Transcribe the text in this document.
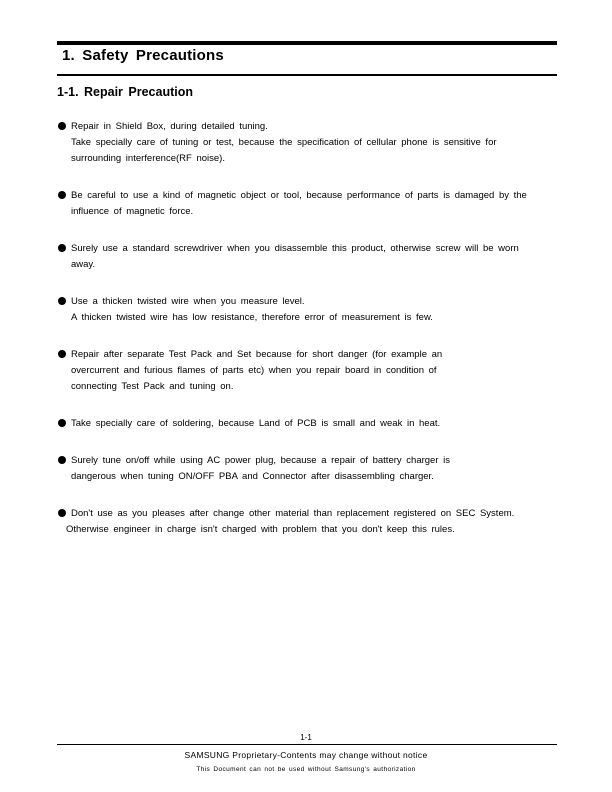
1. Safety Precautions
1-1. Repair Precaution
Repair in Shield Box, during detailed tuning.
Take specially care of tuning or test, because the specification of cellular phone is sensitive for
surrounding interference(RF noise).
Be careful to use a kind of magnetic object or tool, because performance of parts is damaged by the
influence of magnetic force.
Surely use a standard screwdriver when you disassemble this product, otherwise screw will be worn
away.
Use a thicken twisted wire when you measure level.
A thicken twisted wire has low resistance, therefore error of measurement is few.
Repair after separate Test Pack and Set because for short danger (for example an
overcurrent and furious flames of parts etc) when you repair board in condition of
connecting Test Pack and tuning on.
Take specially care of soldering, because Land of PCB is small and weak in heat.
Surely tune on/off while using AC power plug, because a repair of battery charger is
dangerous when tuning ON/OFF PBA and Connector after disassembling charger.
Don't use as you pleases after change other material than replacement registered on SEC System.
Otherwise engineer in charge isn't charged with problem that you don't keep this rules.
1-1
SAMSUNG Proprietary-Contents may change without notice
This Document can not be used without Samsung's authorization
